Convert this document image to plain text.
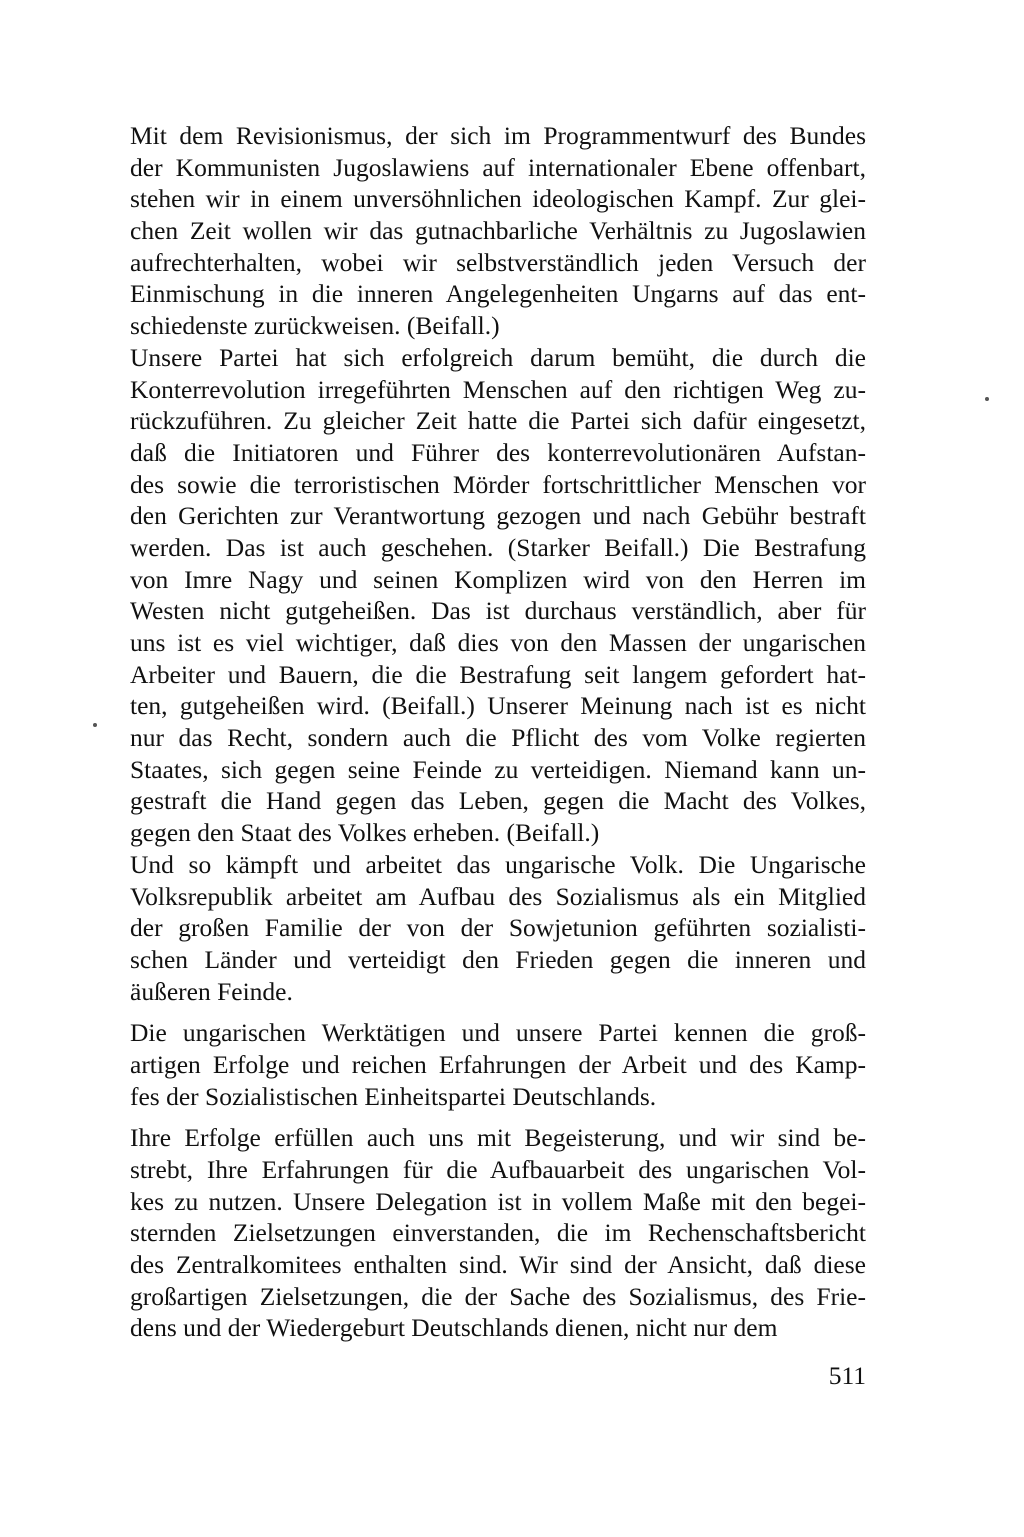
Mit dem Revisionismus, der sich im Programmentwurf des Bundes
der Kommunisten Jugoslawiens auf internationaler Ebene offenbart,
stehen wir in einem unversöhnlichen ideologischen Kampf. Zur glei-
chen Zeit wollen wir das gutnachbarliche Verhältnis zu Jugoslawien
aufrechterhalten, wobei wir selbstverständlich jeden Versuch der
Einmischung in die inneren Angelegenheiten Ungarns auf das ent-
schiedenste zurückweisen. (Beifall.)
Unsere Partei hat sich erfolgreich darum bemüht, die durch die
Konterrevolution irregeführten Menschen auf den richtigen Weg zu-
rückzuführen. Zu gleicher Zeit hatte die Partei sich dafür eingesetzt,
daß die Initiatoren und Führer des konterrevolutionären Aufstan-
des sowie die terroristischen Mörder fortschrittlicher Menschen vor
den Gerichten zur Verantwortung gezogen und nach Gebühr bestraft
werden. Das ist auch geschehen. (Starker Beifall.) Die Bestrafung
von Imre Nagy und seinen Komplizen wird von den Herren im
Westen nicht gutgeheißen. Das ist durchaus verständlich, aber für
uns ist es viel wichtiger, daß dies von den Massen der ungarischen
Arbeiter und Bauern, die die Bestrafung seit langem gefordert hat-
ten, gutgeheißen wird. (Beifall.) Unserer Meinung nach ist es nicht
nur das Recht, sondern auch die Pflicht des vom Volke regierten
Staates, sich gegen seine Feinde zu verteidigen. Niemand kann un-
gestraft die Hand gegen das Leben, gegen die Macht des Volkes,
gegen den Staat des Volkes erheben. (Beifall.)
Und so kämpft und arbeitet das ungarische Volk. Die Ungarische
Volksrepublik arbeitet am Aufbau des Sozialismus als ein Mitglied
der großen Familie der von der Sowjetunion geführten sozialisti-
schen Länder und verteidigt den Frieden gegen die inneren und
äußeren Feinde.
Die ungarischen Werktätigen und unsere Partei kennen die groß-
artigen Erfolge und reichen Erfahrungen der Arbeit und des Kamp-
fes der Sozialistischen Einheitspartei Deutschlands.
Ihre Erfolge erfüllen auch uns mit Begeisterung, und wir sind be-
strebt, Ihre Erfahrungen für die Aufbauarbeit des ungarischen Vol-
kes zu nutzen. Unsere Delegation ist in vollem Maße mit den begei-
sternden Zielsetzungen einverstanden, die im Rechenschaftsbericht
des Zentralkomitees enthalten sind. Wir sind der Ansicht, daß diese
großartigen Zielsetzungen, die der Sache des Sozialismus, des Frie-
dens und der Wiedergeburt Deutschlands dienen, nicht nur dem
511
